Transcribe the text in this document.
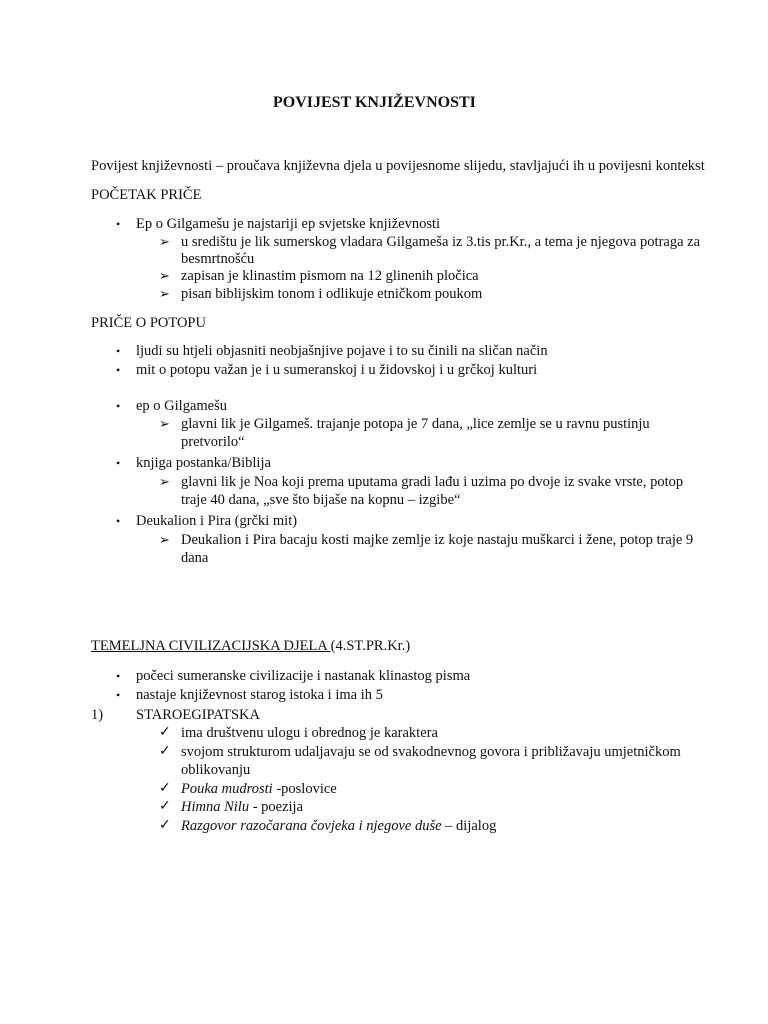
POVIJEST KNJIŽEVNOSTI
Povijest književnosti – proučava književna djela u povijesnome slijedu, stavljajući ih u povijesni kontekst
POČETAK PRIČE
• Ep o Gilgamešu je najstariji ep svjetske književnosti
➢ u središtu je lik sumerskog vladara Gilgameša iz 3.tis pr.Kr., a tema je njegova potraga za
besmrtnošću
➢ zapisan je klinastim pismom na 12 glinenih pločica
➢ pisan biblijskim tonom i odlikuje etničkom poukom
PRIČE O POTOPU
• ljudi su htjeli objasniti neobjašnjive pojave i to su činili na sličan način
• mit o potopu važan je i u sumeranskoj i u židovskoj i u grčkoj kulturi
• ep o Gilgamešu
➢ glavni lik je Gilgameš. trajanje potopa je 7 dana, „lice zemlje se u ravnu pustinju
pretvorilo“
• knjiga postanka/Biblija
➢ glavni lik je Noa koji prema uputama gradi lađu i uzima po dvoje iz svake vrste, potop
traje 40 dana, „sve što bijaše na kopnu – izgibe“
• Deukalion i Pira (grčki mit)
➢ Deukalion i Pira bacaju kosti majke zemlje iz koje nastaju muškarci i žene, potop traje 9
dana
TEMELJNA CIVILIZACIJSKA DJELA (4.ST.PR.Kr.)
• počeci sumeranske civilizacije i nastanak klinastog pisma
• nastaje književnost starog istoka i ima ih 5
1) STAROEGIPATSKA
✓ ima društvenu ulogu i obrednog je karaktera
✓ svojom strukturom udaljavaju se od svakodnevnog govora i približavaju umjetničkom
oblikovanju
✓ Pouka mudrosti -poslovice
✓ Himna Nilu - poezija
✓ Razgovor razočarana čovjeka i njegove duše – dijalog
